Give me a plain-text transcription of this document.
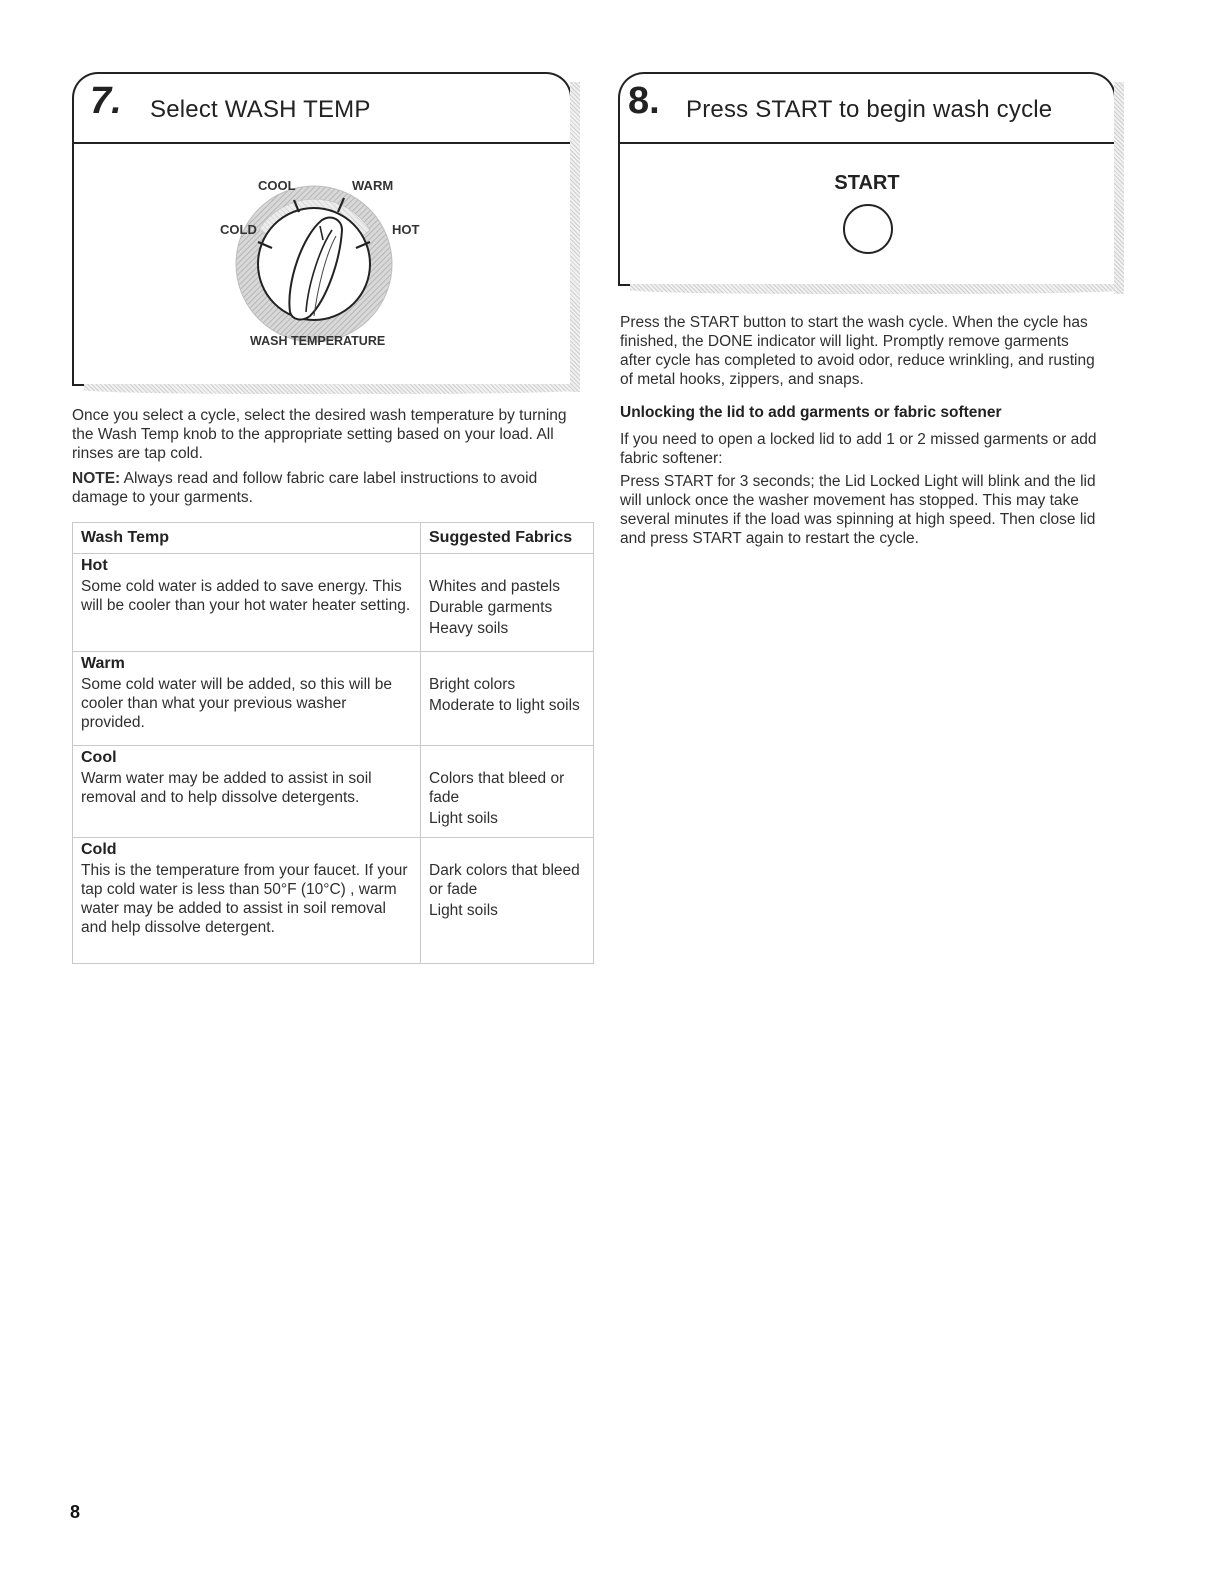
7. Select WASH TEMP
COOL	WARM
COLD	HOT
WASH TEMPERATURE

Once you select a cycle, select the desired wash temperature by turning the Wash Temp knob to the appropriate setting based on your load. All rinses are tap cold.

NOTE: Always read and follow fabric care label instructions to avoid damage to your garments.

Wash Temp	Suggested Fabrics

Hot
Some cold water is added to save energy. This will be cooler than your hot water heater setting.	Whites and pastels
Durable garments
Heavy soils

Warm
Some cold water will be added, so this will be cooler than what your previous washer provided.	Bright colors
Moderate to light soils

Cool
Warm water may be added to assist in soil removal and to help dissolve detergents.	Colors that bleed or fade
Light soils

Cold
This is the temperature from your faucet. If your tap cold water is less than 50°F (10°C) , warm water may be added to assist in soil removal and help dissolve detergent.	Dark colors that bleed or fade
Light soils
8. Press START to begin wash cycle
START

Press the START button to start the wash cycle. When the cycle has finished, the DONE indicator will light. Promptly remove garments after cycle has completed to avoid odor, reduce wrinkling, and rusting of metal hooks, zippers, and snaps.

Unlocking the lid to add garments or fabric softener

If you need to open a locked lid to add 1 or 2 missed garments or add fabric softener:

Press START for 3 seconds; the Lid Locked Light will blink and the lid will unlock once the washer movement has stopped. This may take several minutes if the load was spinning at high speed. Then close lid and press START again to restart the cycle.

8
